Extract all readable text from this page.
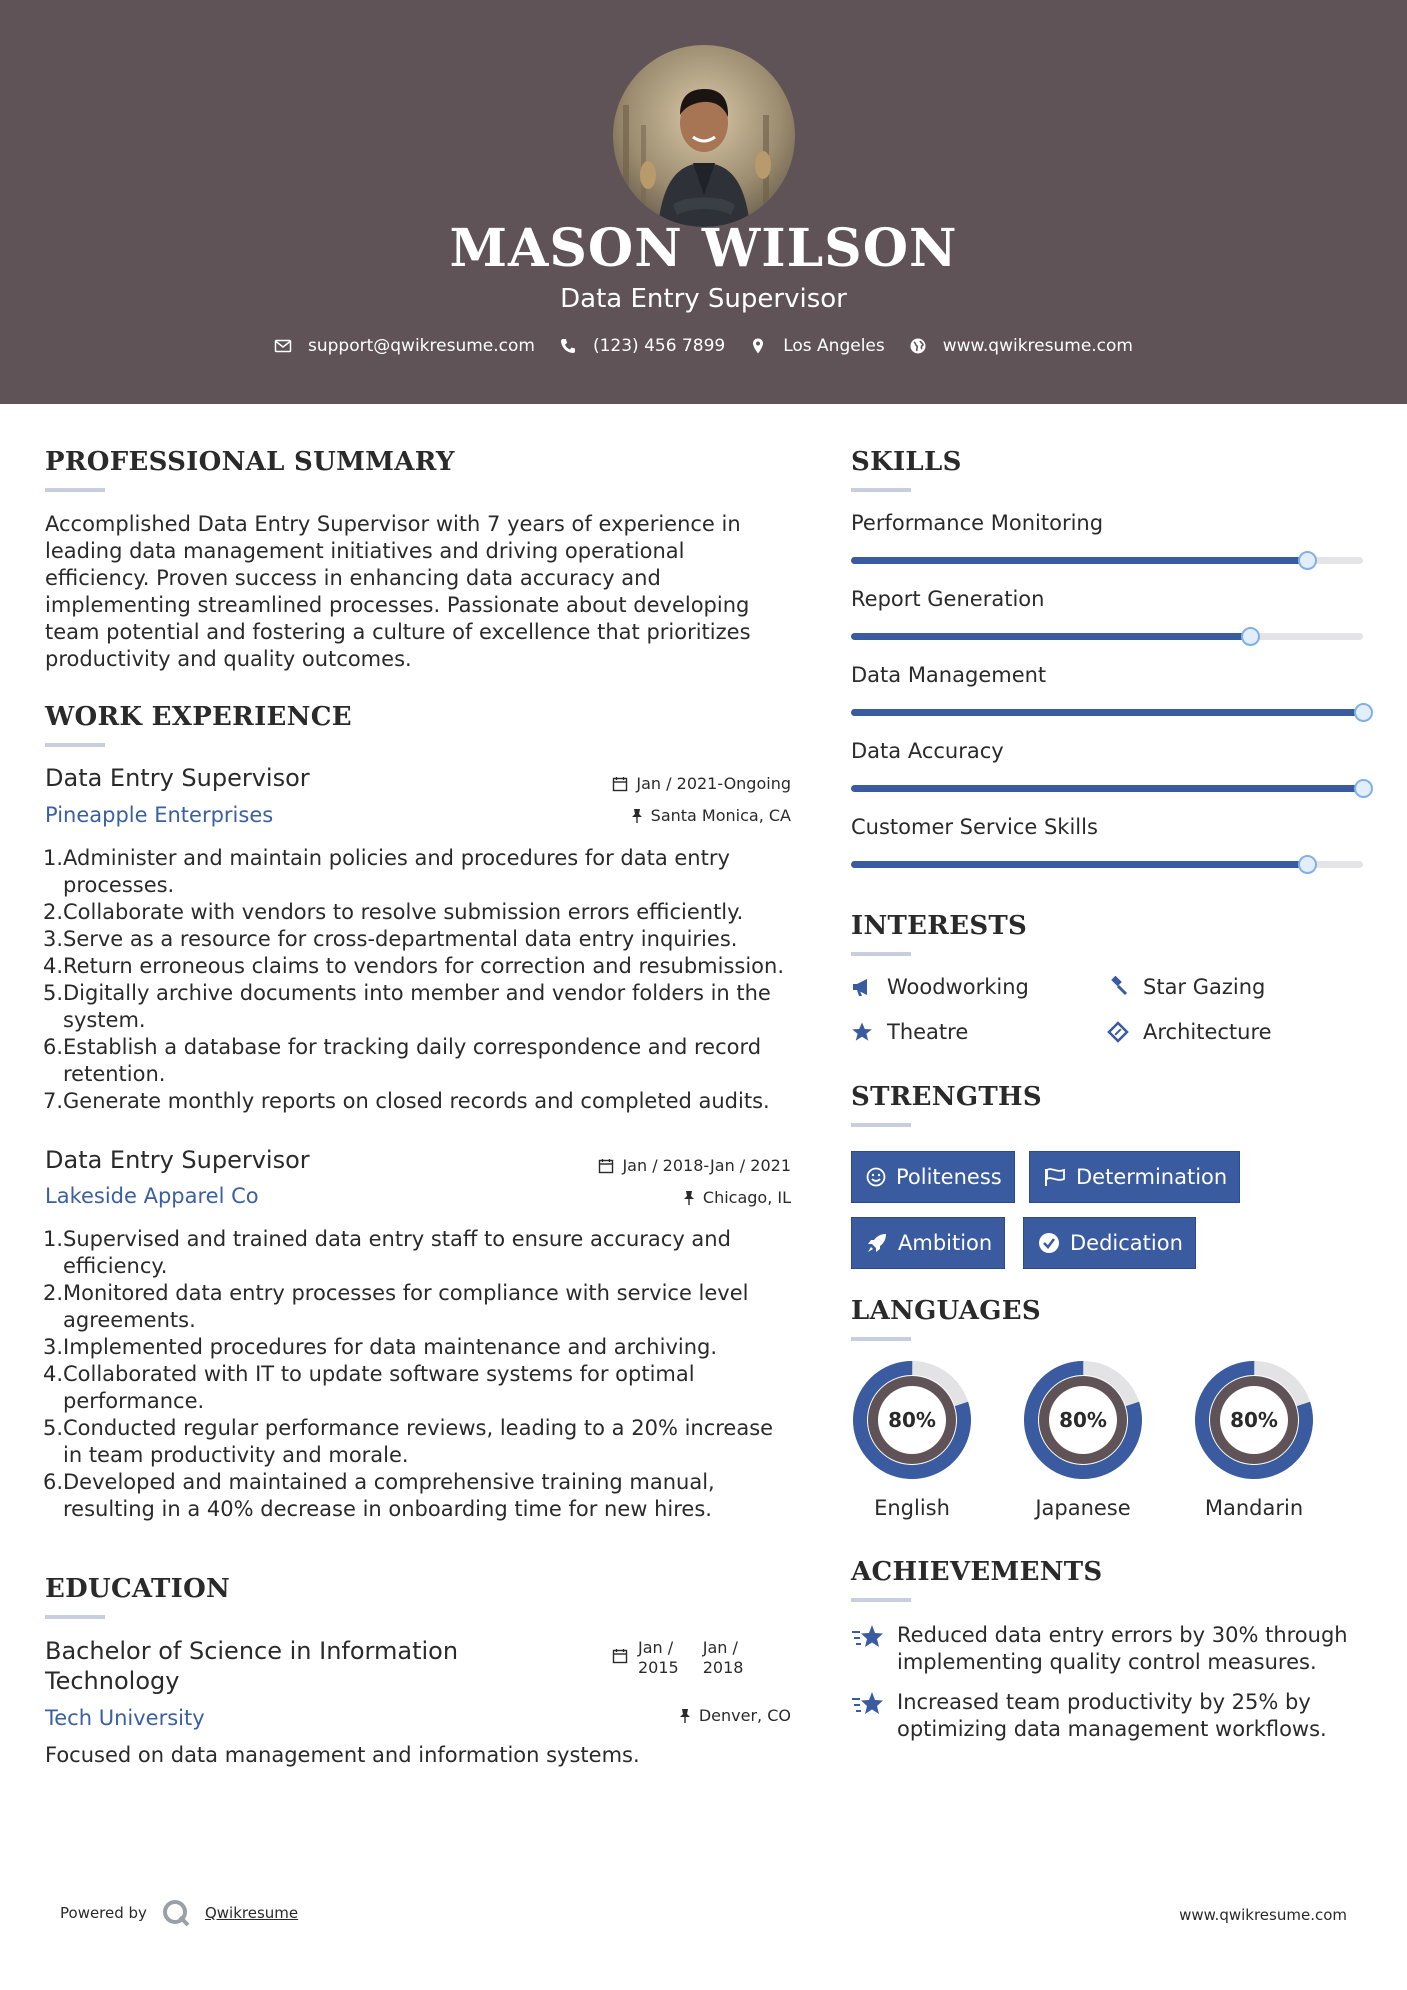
MASON WILSON
Data Entry Supervisor
support@qwikresume.com	(123) 456 7899	Los Angeles	www.qwikresume.com
PROFESSIONAL SUMMARY
Accomplished Data Entry Supervisor with 7 years of experience in
leading data management initiatives and driving operational
efficiency. Proven success in enhancing data accuracy and
implementing streamlined processes. Passionate about developing
team potential and fostering a culture of excellence that prioritizes
productivity and quality outcomes.
WORK EXPERIENCE
Data Entry Supervisor
Pineapple Enterprises
Jan / 2021-Ongoing
Santa Monica, CA
Administer and maintain policies and procedures for data entry processes.
Collaborate with vendors to resolve submission errors efficiently.
Serve as a resource for cross-departmental data entry inquiries.
Return erroneous claims to vendors for correction and resubmission.
Digitally archive documents into member and vendor folders in the system.
Establish a database for tracking daily correspondence and record retention.
Generate monthly reports on closed records and completed audits.
Data Entry Supervisor
Lakeside Apparel Co
Jan / 2018-Jan / 2021
Chicago, IL
Supervised and trained data entry staff to ensure accuracy and efficiency.
Monitored data entry processes for compliance with service level agreements.
Implemented procedures for data maintenance and archiving.
Collaborated with IT to update software systems for optimal performance.
Conducted regular performance reviews, leading to a 20% increase in team productivity and morale.
Developed and maintained a comprehensive training manual, resulting in a 40% decrease in onboarding time for new hires.
EDUCATION
Bachelor of Science in Information
Technology
Tech University
Jan /
2015
Jan /
2018
Denver, CO
Focused on data management and information systems.
SKILLS
Performance Monitoring
Report Generation
Data Management
Data Accuracy
Customer Service Skills
INTERESTS
Woodworking	Star Gazing
Theatre	Architecture
STRENGTHS
Politeness	Determination
Ambition	Dedication
LANGUAGES
80%
English
80%
Japanese
80%
Mandarin
ACHIEVEMENTS
Reduced data entry errors by 30% through
implementing quality control measures.
Increased team productivity by 25% by
optimizing data management workflows.
Powered by	Qwikresume	www.qwikresume.com
